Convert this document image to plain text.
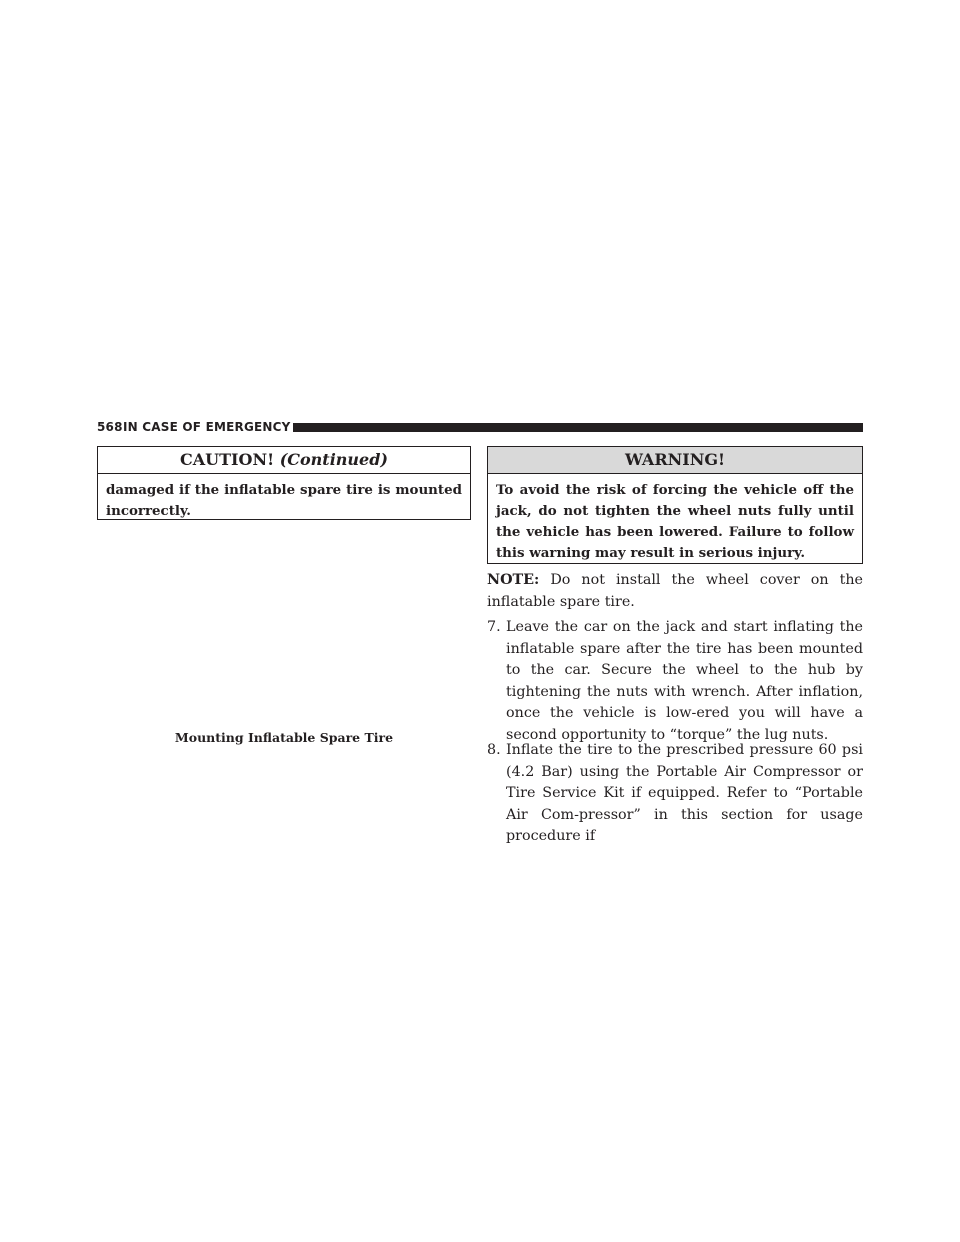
568 IN CASE OF EMERGENCY
CAUTION! (Continued)
damaged if the inflatable spare tire is mounted incorrectly.
Mounting Inflatable Spare Tire
WARNING!
To avoid the risk of forcing the vehicle off the jack, do not tighten the wheel nuts fully until the vehicle has been lowered. Failure to follow this warning may result in serious injury.
NOTE: Do not install the wheel cover on the inflatable spare tire.
7. Leave the car on the jack and start inflating the inflatable spare after the tire has been mounted to the car. Secure the wheel to the hub by tightening the nuts with wrench. After inflation, once the vehicle is low-ered you will have a second opportunity to “torque” the lug nuts.
8. Inflate the tire to the prescribed pressure 60 psi (4.2 Bar) using the Portable Air Compressor or Tire Service Kit if equipped. Refer to “Portable Air Com-pressor” in this section for usage procedure if
